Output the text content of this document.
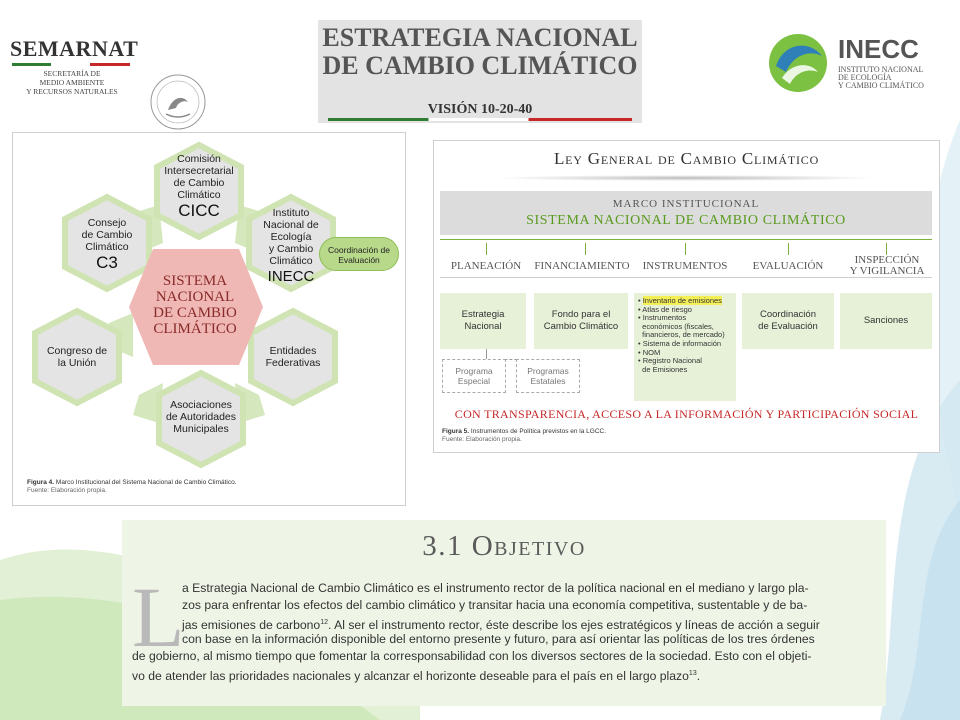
SEMARNAT
SECRETARÍA DE
MEDIO AMBIENTE
Y RECURSOS NATURALES
ESTRATEGIA NACIONAL
DE CAMBIO CLIMÁTICO
VISIÓN 10-20-40
INECC
INSTITUTO NACIONAL
DE ECOLOGÍA
Y CAMBIO CLIMÁTICO
SISTEMA
NACIONAL
DE CAMBIO
CLIMÁTICO
Comisión
Intersecretarial
de Cambio
Climático
CICC	Instituto
Nacional de
Ecología
y Cambio
Climático
INECC
Consejo
de Cambio
Climático
C3
Congreso de
la Unión
Entidades
Federativas
Asociaciones
de Autoridades
Municipales
Coordinación de
Evaluación
Figura 4. Marco Institucional del Sistema Nacional de Cambio Climático.
Fuente: Elaboración propia.
Ley General de Cambio Climático
MARCO INSTITUCIONAL
SISTEMA NACIONAL DE CAMBIO CLIMÁTICO
PLANEACIÓN	FINANCIAMIENTO	INSTRUMENTOS	EVALUACIÓN	INSPECCIÓN
Y VIGILANCIA
Estrategia
Nacional
Fondo para el
Cambio Climático
• Inventario de emisiones
• Atlas de riesgo
• Instrumentos
económicos (fiscales,
financieros, de mercado)
• Sistema de información
• NOM
• Registro Nacional
de Emisiones
Coordinación
de Evaluación
Sanciones
Programa
Especial
Programas
Estatales
CON TRANSPARENCIA, ACCESO A LA INFORMACIÓN Y PARTICIPACIÓN SOCIAL
Figura 5. Instrumentos de Política previstos en la LGCC.
Fuente: Elaboración propia.
3.1 Objetivo
L
a Estrategia Nacional de Cambio Climático es el instrumento rector de la política nacional en el mediano y largo pla-
zos para enfrentar los efectos del cambio climático y transitar hacia una economía competitiva, sustentable y de ba-
jas emisiones de carbono$^{12}$. Al ser el instrumento rector, éste describe los ejes estratégicos y líneas de acción a seguir
con base en la información disponible del entorno presente y futuro, para así orientar las políticas de los tres órdenes
de gobierno, al mismo tiempo que fomentar la corresponsabilidad con los diversos sectores de la sociedad. Esto con el objeti-
vo de atender las prioridades nacionales y alcanzar el horizonte deseable para el país en el largo plazo$^{13}$.
